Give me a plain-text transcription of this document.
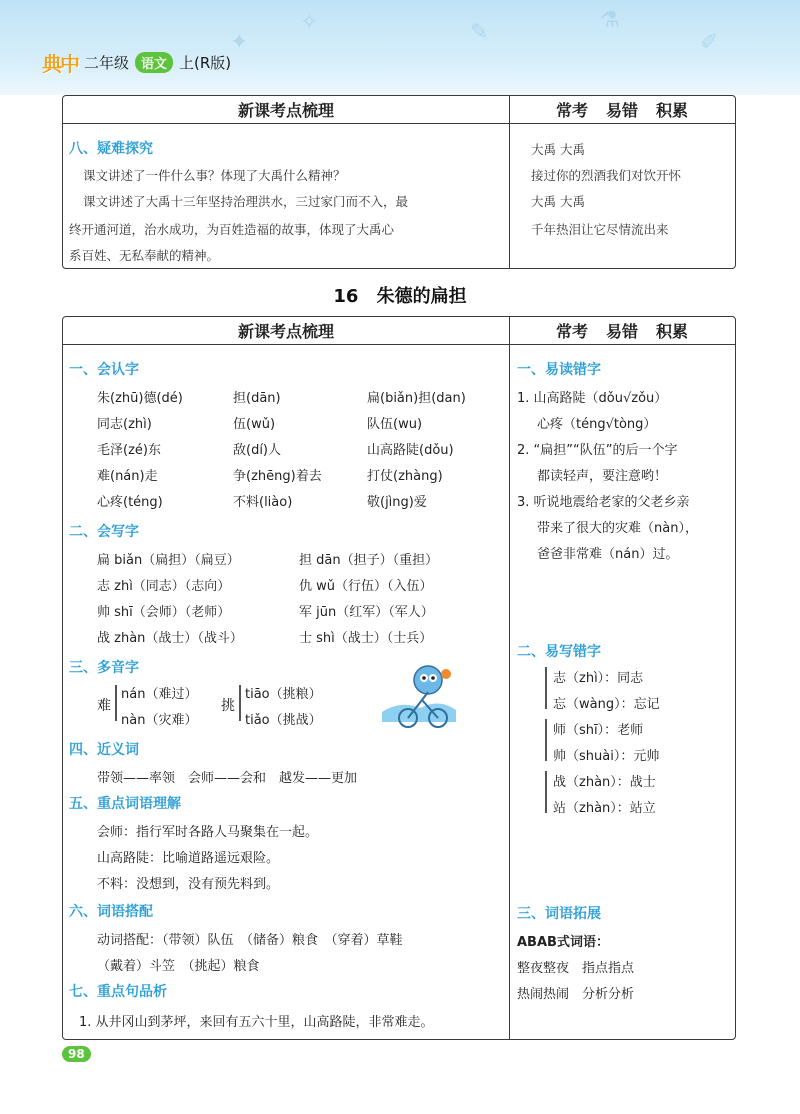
✧	✎	⚗
✐
✦
典中 二年级 语文 上(R版)
新课考点梳理	常考 易错 积累
八、疑难探究
课文讲述了一件什么事？体现了大禹什么精神？
课文讲述了大禹十三年坚持治理洪水，三过家门而不入，最
终开通河道，治水成功，为百姓造福的故事，体现了大禹心
系百姓、无私奉献的精神。
大禹 大禹
接过你的烈酒我们对饮开怀
大禹 大禹
千年热泪让它尽情流出来
16 朱德的扁担
新课考点梳理	常考 易错 积累
一、会认字
朱(zhū)德(dé)	担(dān)	扁(biǎn)担(dan)
同志(zhì)	伍(wǔ)	队伍(wu)
毛泽(zé)东	敌(dí)人	山高路陡(dǒu)
难(nán)走	争(zhēng)着去	打仗(zhàng)
心疼(téng)	不料(liào)	敬(jìng)爱
二、会写字
扁 biǎn（扁担）（扁豆）	担 dān（担子）（重担）
志 zhì（同志）（志向）	仇 wǔ（行伍）（入伍）
帅 shī（会师）（老师）	军 jūn（红军）（军人）
战 zhàn（战士）（战斗）	士 shì（战士）（士兵）
三、多音字
难
nán（难过）
nàn（灾难）
挑
tiāo（挑粮）
tiǎo（挑战）
四、近义词
带领——率领　会师——会和　越发——更加
五、重点词语理解
会师：指行军时各路人马聚集在一起。
山高路陡：比喻道路遥远艰险。
不料：没想到，没有预先料到。
六、词语搭配
动词搭配：（带领）队伍　（储备）粮食　（穿着）草鞋
（戴着）斗笠　（挑起）粮食
七、重点句品析
1. 从井冈山到茅坪，来回有五六十里，山高路陡，非常难走。
一、易读错字
1. 山高路陡（dǒu√zǒu）
心疼（téng√tòng）
2. “扁担”“队伍”的后一个字
都读轻声，要注意哟！
3. 听说地震给老家的父老乡亲
带来了很大的灾难（nàn），
爸爸非常难（nán）过。
二、易写错字
志（zhì）：同志
忘（wàng）：忘记
师（shī）：老师
帅（shuài）：元帅
战（zhàn）：战士
站（zhàn）：站立
三、词语拓展
ABAB式词语：
整夜整夜　指点指点
热闹热闹　分析分析
98
